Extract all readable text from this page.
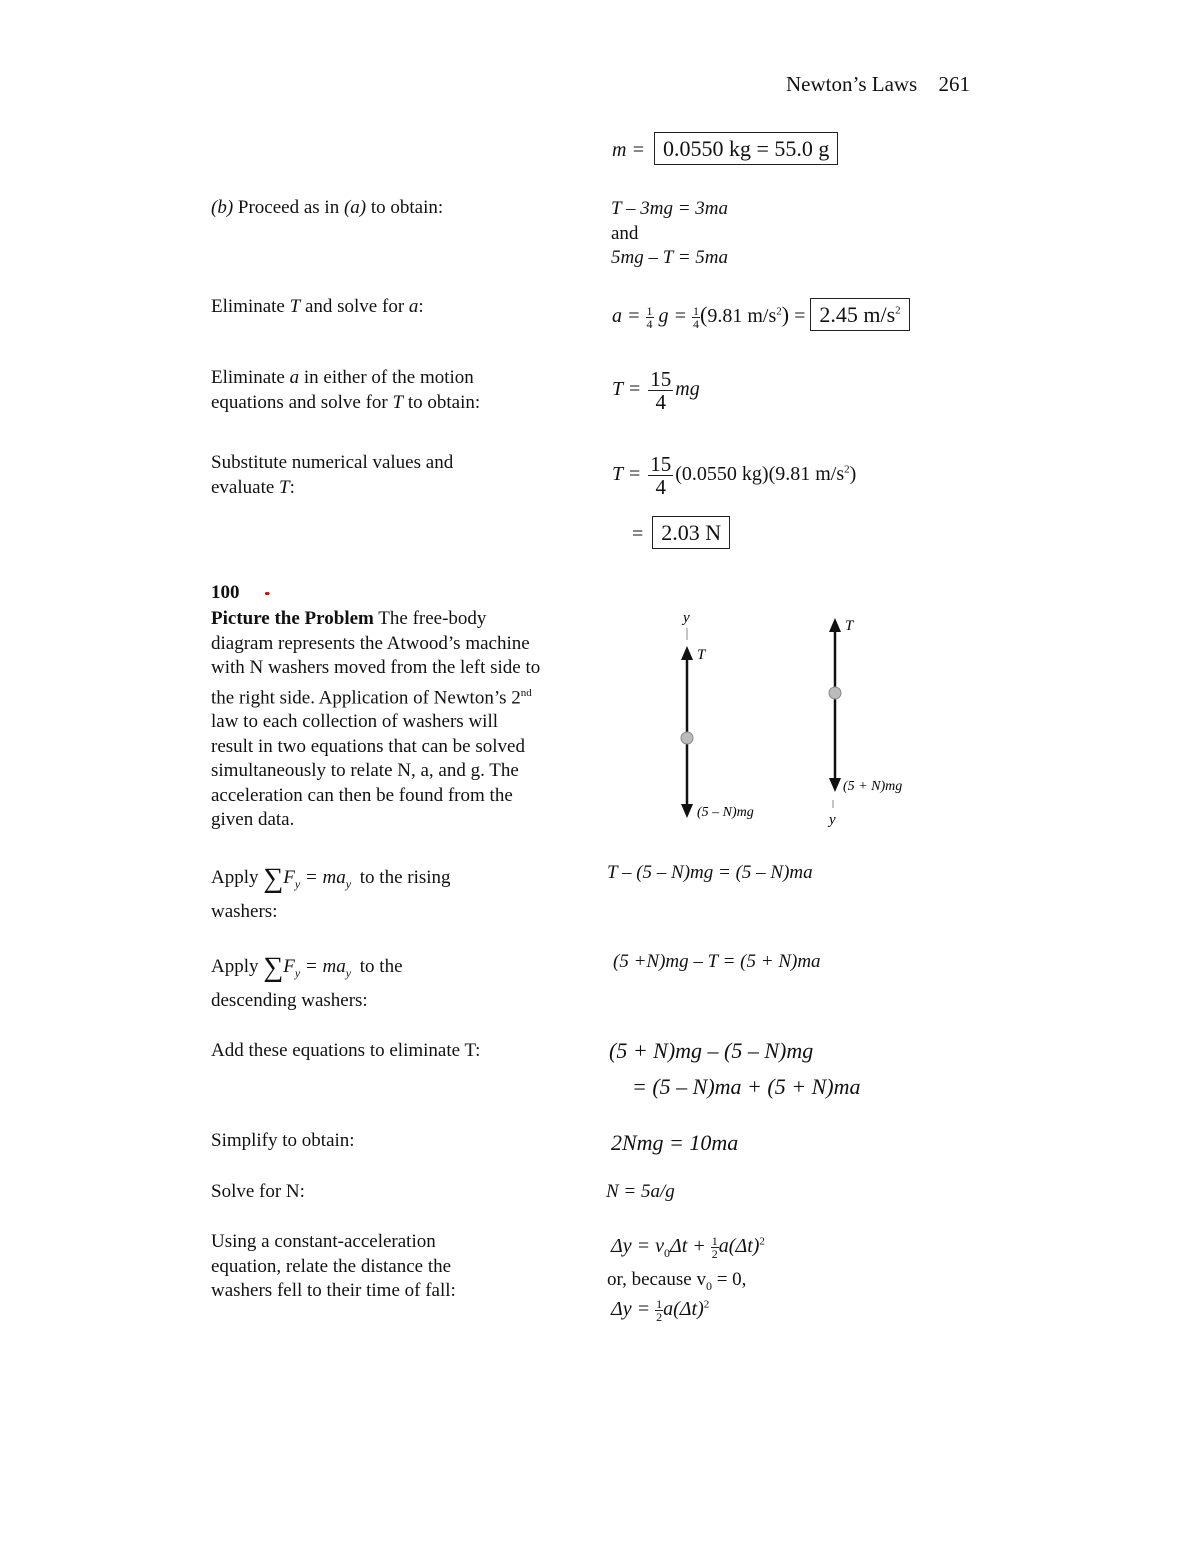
Newton’s Laws 261
m = 0.0550 kg = 55.0 g
(b) Proceed as in (a) to obtain:	T – 3mg = 3ma
and
5mg – T = 5ma
Eliminate T and solve for a:	$a = \frac{1}{4}$ $g = \frac{1}{4} (9.81$ $m/s^2) = 2.45$ $m/s^2$
Eliminate a in either of the motion
equations and solve for T to obtain:
$T = \frac{15}{4}$ mg
Substitute numerical values and
evaluate T:
$T = \frac{15}{4} (0.0550$ kg)(9.81 $m/s^2$)
= 2.03 N
100 ••
Picture the Problem The free-body
diagram represents the Atwood’s machine
with N washers moved from the left side to
the right side. Application of Newton’s 2nd
law to each collection of washers will
result in two equations that can be solved
simultaneously to relate N, a, and g. The
acceleration can then be found from the
given data.
y
T
(5 – N)mg
T
(5 + N)mg
y
Apply $\sum F_y = ma_y$ to the rising
washers:
T – (5 – N)mg = (5 – N)ma
Apply $\sum F_y = ma_y$ to the
descending washers:
(5 +N)mg – T = (5 + N)ma
Add these equations to eliminate T:	(5 + N)mg – (5 – N)mg
= (5 – N)ma + (5 + N)ma
Simplify to obtain:	2Nmg = 10ma
Solve for N:	N = 5a/g
Using a constant-acceleration
equation, relate the distance the
washers fell to their time of fall:
$\Delta y = v_0\Delta t + \frac{1}{2} a(\Delta t)^2$
or, because $v_0 = 0$,
$\Delta y = \frac{1}{2} a(\Delta t)^2$
